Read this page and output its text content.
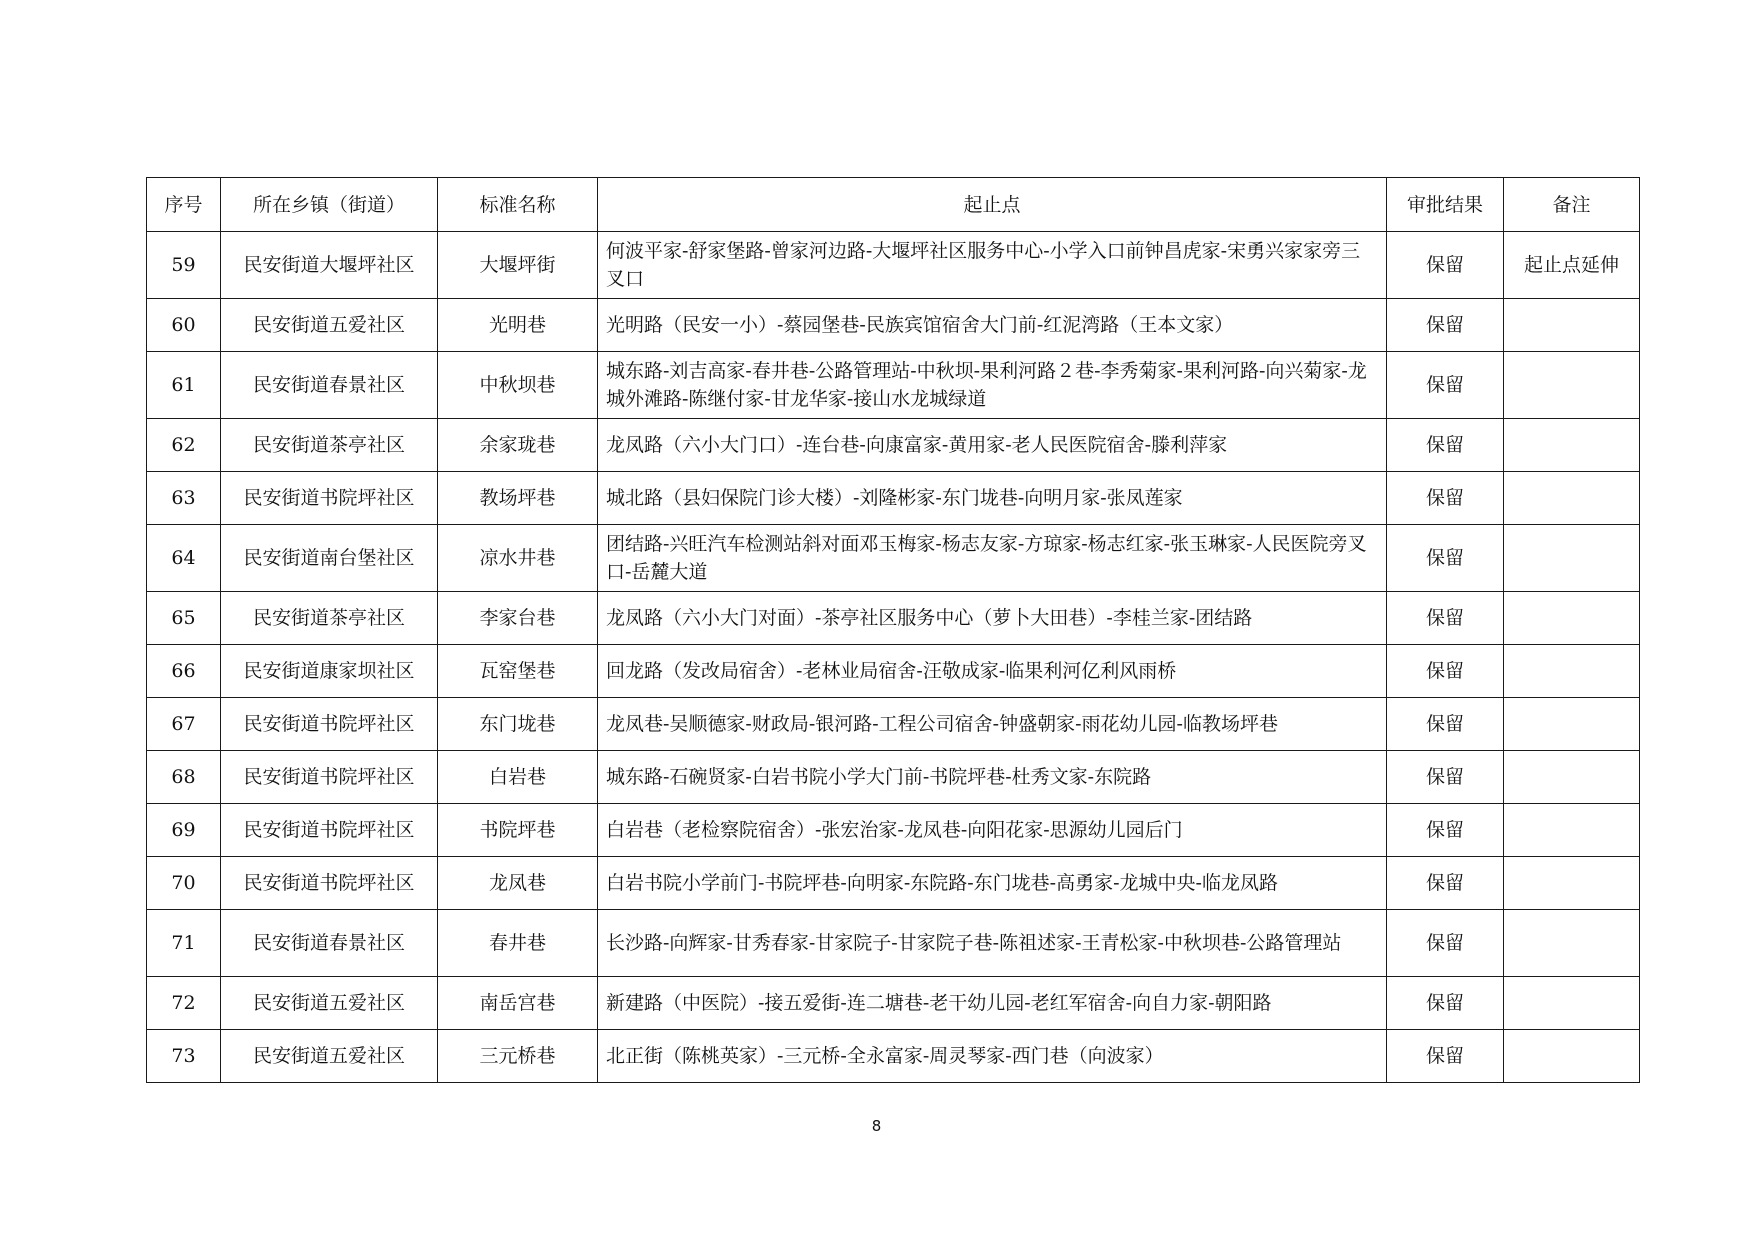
序号	所在乡镇（街道）	标准名称	起止点	审批结果	备注
59	民安街道大堰坪社区	大堰坪街	何波平家-舒家堡路-曾家河边路-大堰坪社区服务中心-小学入口前钟昌虎家-宋勇兴家家旁三叉口	保留	起止点延伸
60	民安街道五爱社区	光明巷	光明路（民安一小）-蔡园堡巷-民族宾馆宿舍大门前-红泥湾路（王本文家）	保留	
61	民安街道春景社区	中秋坝巷	城东路-刘吉高家-春井巷-公路管理站-中秋坝-果利河路２巷-李秀菊家-果利河路-向兴菊家-龙城外滩路-陈继付家-甘龙华家-接山水龙城绿道	保留	
62	民安街道茶亭社区	余家珑巷	龙凤路（六小大门口）-连台巷-向康富家-黄用家-老人民医院宿舍-滕利萍家	保留	
63	民安街道书院坪社区	教场坪巷	城北路（县妇保院门诊大楼）-刘隆彬家-东门垅巷-向明月家-张凤莲家	保留	
64	民安街道南台堡社区	凉水井巷	团结路-兴旺汽车检测站斜对面邓玉梅家-杨志友家-方琼家-杨志红家-张玉琳家-人民医院旁叉口-岳麓大道	保留	
65	民安街道茶亭社区	李家台巷	龙凤路（六小大门对面）-茶亭社区服务中心（萝卜大田巷）-李桂兰家-团结路	保留	
66	民安街道康家坝社区	瓦窑堡巷	回龙路（发改局宿舍）-老林业局宿舍-汪敬成家-临果利河亿利风雨桥	保留	
67	民安街道书院坪社区	东门垅巷	龙凤巷-吴顺德家-财政局-银河路-工程公司宿舍-钟盛朝家-雨花幼儿园-临教场坪巷	保留	
68	民安街道书院坪社区	白岩巷	城东路-石碗贤家-白岩书院小学大门前-书院坪巷-杜秀文家-东院路	保留	
69	民安街道书院坪社区	书院坪巷	白岩巷（老检察院宿舍）-张宏治家-龙凤巷-向阳花家-思源幼儿园后门	保留	
70	民安街道书院坪社区	龙凤巷	白岩书院小学前门-书院坪巷-向明家-东院路-东门垅巷-高勇家-龙城中央-临龙凤路	保留	
71	民安街道春景社区	春井巷	长沙路-向辉家-甘秀春家-甘家院子-甘家院子巷-陈祖述家-王青松家-中秋坝巷-公路管理站	保留	
72	民安街道五爱社区	南岳宫巷	新建路（中医院）-接五爱街-连二塘巷-老干幼儿园-老红军宿舍-向自力家-朝阳路	保留	
73	民安街道五爱社区	三元桥巷	北正街（陈桃英家）-三元桥-全永富家-周灵琴家-西门巷（向波家）	保留	
8
